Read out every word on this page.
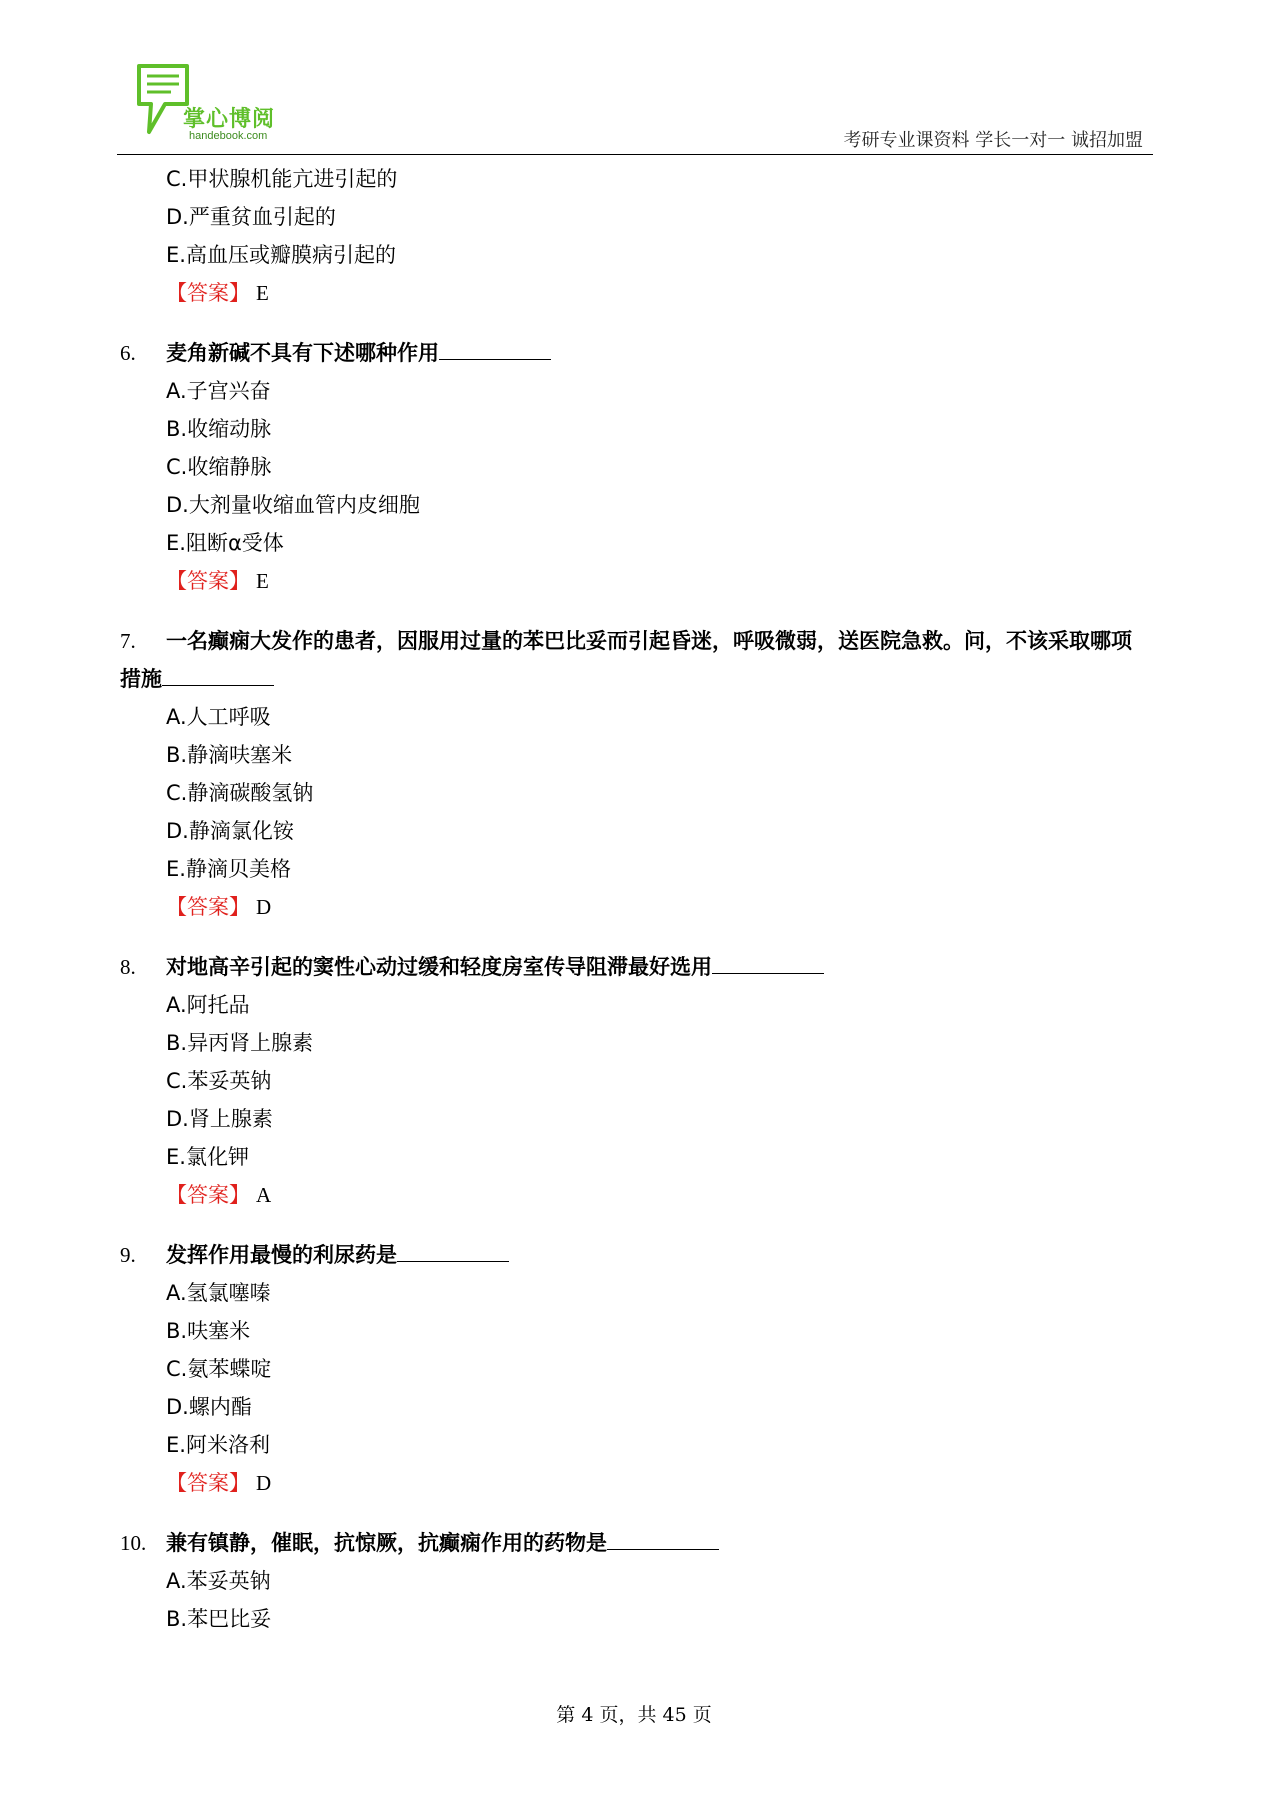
掌心博阅
handebook.com	考研专业课资料 学长一对一 诚招加盟
C.甲状腺机能亢进引起的
D.严重贫血引起的
E.高血压或瓣膜病引起的
【答案】 E
6. 麦角新碱不具有下述哪种作用
A.子宫兴奋
B.收缩动脉
C.收缩静脉
D.大剂量收缩血管内皮细胞
E.阻断α受体
【答案】 E
7. 一名癫痫大发作的患者，因服用过量的苯巴比妥而引起昏迷，呼吸微弱，送医院急救。问，不该采取哪项措施
A.人工呼吸
B.静滴呋塞米
C.静滴碳酸氢钠
D.静滴氯化铵
E.静滴贝美格
【答案】 D
8. 对地高辛引起的窦性心动过缓和轻度房室传导阻滞最好选用
A.阿托品
B.异丙肾上腺素
C.苯妥英钠
D.肾上腺素
E.氯化钾
【答案】 A
9. 发挥作用最慢的利尿药是
A.氢氯噻嗪
B.呋塞米
C.氨苯蝶啶
D.螺内酯
E.阿米洛利
【答案】 D
10. 兼有镇静，催眠，抗惊厥，抗癫痫作用的药物是
A.苯妥英钠
B.苯巴比妥
第 4 页，共 45 页
